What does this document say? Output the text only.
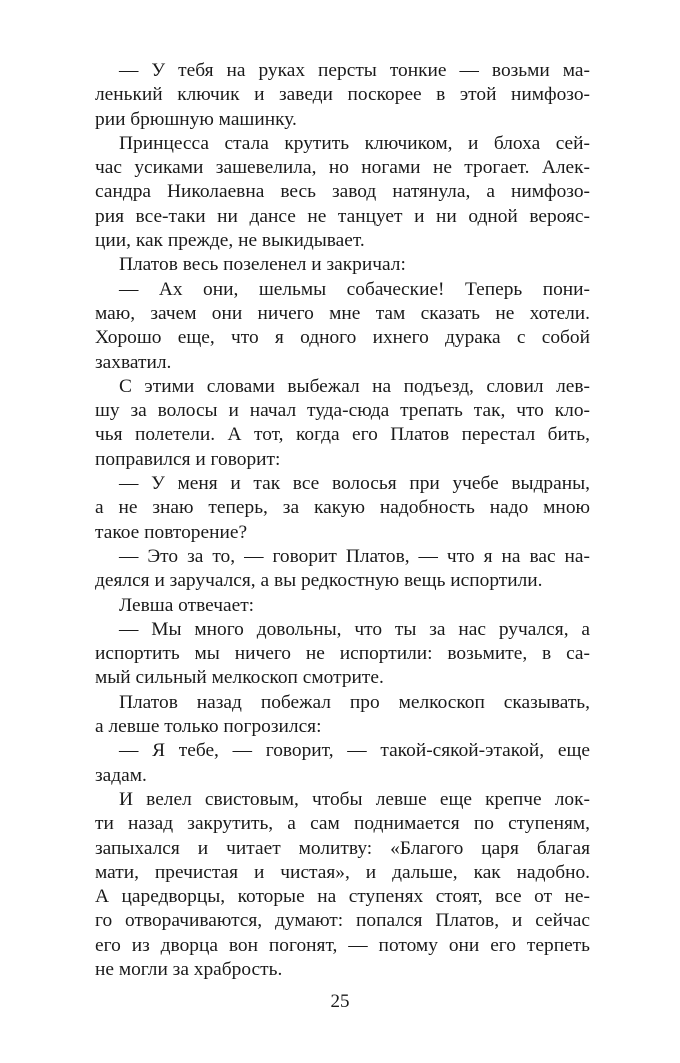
— У тебя на руках персты тонкие — возьми ма-
ленький ключик и заведи поскорее в этой нимфозо-
рии брюшную машинку.
Принцесса стала крутить ключиком, и блоха сей-
час усиками зашевелила, но ногами не трогает. Алек-
сандра Николаевна весь завод натянула, а нимфозо-
рия все-таки ни дансе не танцует и ни одной верояс-
ции, как прежде, не выкидывает.
Платов весь позеленел и закричал:
— Ах они, шельмы собачеcкие! Теперь пони-
маю, зачем они ничего мне там сказать не хотели.
Хорошо еще, что я одного ихнего дурака с собой
захватил.
С этими словами выбежал на подъезд, словил лев-
шу за волосы и начал туда-сюда трепать так, что кло-
чья полетели. А тот, когда его Платов перестал бить,
поправился и говорит:
— У меня и так все волосья при учебе выдраны,
а не знаю теперь, за какую надобность надо мною
такое повторение?
— Это за то, — говорит Платов, — что я на вас на-
деялся и заручался, а вы редкостную вещь испортили.
Левша отвечает:
— Мы много довольны, что ты за нас ручался, а
испортить мы ничего не испортили: возьмите, в са-
мый сильный мелкоскоп смотрите.
Платов назад побежал про мелкоскоп сказывать,
а левше только погрозился:
— Я тебе, — говорит, — такой-сякой-этакой, еще
задам.
И велел свистовым, чтобы левше еще крепче лок-
ти назад закрутить, а сам поднимается по ступеням,
запыхался и читает молитву: «Благого царя благая
мати, пречистая и чистая», и дальше, как надобно.
А царедворцы, которые на ступенях стоят, все от не-
го отворачиваются, думают: попался Платов, и сейчас
его из дворца вон погонят, — потому они его терпеть
не могли за храбрость.
25
